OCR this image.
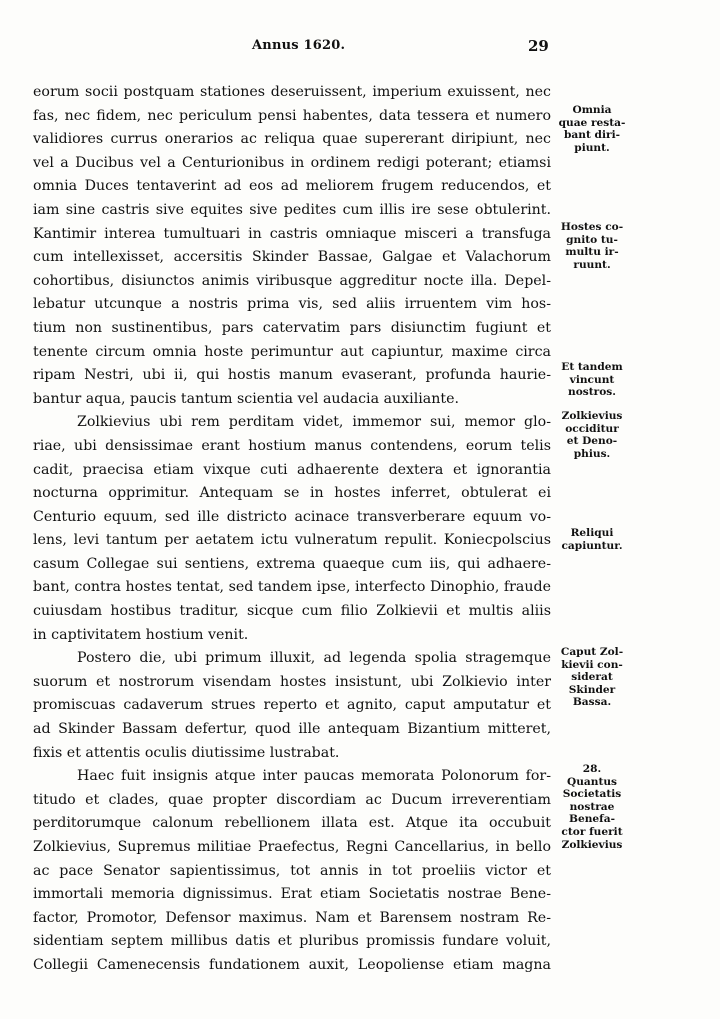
Annus 1620.	29
eorum socii postquam stationes deseruissent, imperium exuissent, nec
fas, nec fidem, nec periculum pensi habentes, data tessera et numero
validiores currus onerarios ac reliqua quae supererant diripiunt, nec
vel a Ducibus vel a Centurionibus in ordinem redigi poterant; etiamsi
omnia Duces tentaverint ad eos ad meliorem frugem reducendos, et
iam sine castris sive equites sive pedites cum illis ire sese obtulerint.
Kantimir interea tumultuari in castris omniaque misceri a transfuga
cum intellexisset, accersitis Skinder Bassae, Galgae et Valachorum
cohortibus, disiunctos animis viribusque aggreditur nocte illa. Depel-
lebatur utcunque a nostris prima vis, sed aliis irruentem vim hos-
tium non sustinentibus, pars catervatim pars disiunctim fugiunt et
tenente circum omnia hoste perimuntur aut capiuntur, maxime circa
ripam Nestri, ubi ii, qui hostis manum evaserant, profunda haurie-
bantur aqua, paucis tantum scientia vel audacia auxiliante.
Zolkievius ubi rem perditam videt, immemor sui, memor glo-
riae, ubi densissimae erant hostium manus contendens, eorum telis
cadit, praecisa etiam vixque cuti adhaerente dextera et ignorantia
nocturna opprimitur. Antequam se in hostes inferret, obtulerat ei
Centurio equum, sed ille districto acinace transverberare equum vo-
lens, levi tantum per aetatem ictu vulneratum repulit. Koniecpolscius
casum Collegae sui sentiens, extrema quaeque cum iis, qui adhaere-
bant, contra hostes tentat, sed tandem ipse, interfecto Dinophio, fraude
cuiusdam hostibus traditur, sicque cum filio Zolkievii et multis aliis
in captivitatem hostium venit.
Postero die, ubi primum illuxit, ad legenda spolia stragemque
suorum et nostrorum visendam hostes insistunt, ubi Zolkievio inter
promiscuas cadaverum strues reperto et agnito, caput amputatur et
ad Skinder Bassam defertur, quod ille antequam Bizantium mitteret,
fixis et attentis oculis diutissime lustrabat.
Haec fuit insignis atque inter paucas memorata Polonorum for-
titudo et clades, quae propter discordiam ac Ducum irreverentiam
perditorumque calonum rebellionem illata est. Atque ita occubuit
Zolkievius, Supremus militiae Praefectus, Regni Cancellarius, in bello
ac pace Senator sapientissimus, tot annis in tot proeliis victor et
immortali memoria dignissimus. Erat etiam Societatis nostrae Bene-
factor, Promotor, Defensor maximus. Nam et Barensem nostram Re-
sidentiam septem millibus datis et pluribus promissis fundare voluit,
Collegii Camenecensis fundationem auxit, Leopoliense etiam magna
Omnia
quae resta-
bant diri-
piunt.
Hostes co-
gnito tu-
multu ir-
ruunt.
Et tandem
vincunt
nostros.
Zolkievius
occiditur
et Deno-
phius.
Reliqui
capiuntur.
Caput Zol-
kievii con-
siderat
Skinder
Bassa.
28.
Quantus
Societatis
nostrae
Benefa-
ctor fuerit
Zolkievius
